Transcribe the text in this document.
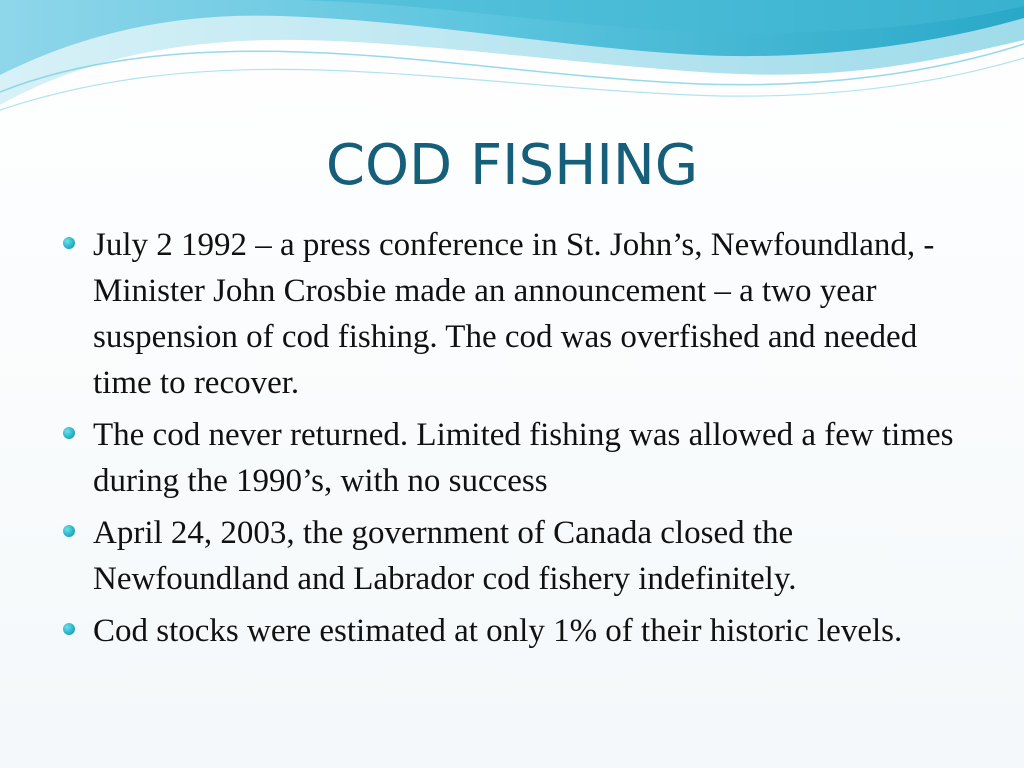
COD FISHING
July 2 1992 – a press conference in St. John’s, Newfoundland, - Minister John Crosbie made an announcement – a two year suspension of cod fishing. The cod was overfished and needed time to recover.
The cod never returned. Limited fishing was allowed a few times during the 1990’s, with no success
April 24, 2003, the government of Canada closed the Newfoundland and Labrador cod fishery indefinitely.
Cod stocks were estimated at only 1% of their historic levels.
